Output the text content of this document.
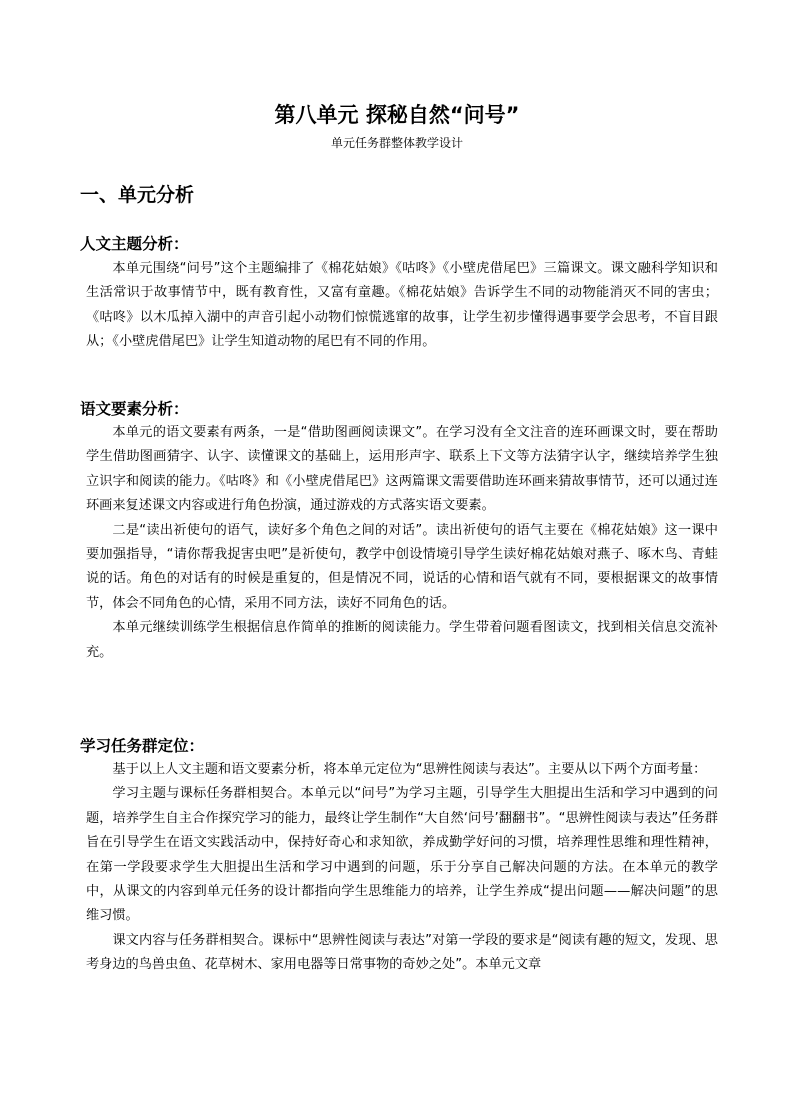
第八单元 探秘自然“问号”
单元任务群整体教学设计
一、单元分析
人文主题分析：

本单元围绕“问号”这个主题编排了《棉花姑娘》《咕咚》《小壁虎借尾巴》三篇课文。课文融科学知识和生活常识于故事情节中，既有教育性，又富有童趣。《棉花姑娘》告诉学生不同的动物能消灭不同的害虫；《咕咚》以木瓜掉入湖中的声音引起小动物们惊慌逃窜的故事，让学生初步懂得遇事要学会思考，不盲目跟从；《小壁虎借尾巴》让学生知道动物的尾巴有不同的作用。

语文要素分析：

本单元的语文要素有两条，一是“借助图画阅读课文”。在学习没有全文注音的连环画课文时，要在帮助学生借助图画猜字、认字、读懂课文的基础上，运用形声字、联系上下文等方法猜字认字，继续培养学生独立识字和阅读的能力。《咕咚》和《小壁虎借尾巴》这两篇课文需要借助连环画来猜故事情节，还可以通过连环画来复述课文内容或进行角色扮演，通过游戏的方式落实语文要素。

二是“读出祈使句的语气，读好多个角色之间的对话”。读出祈使句的语气主要在《棉花姑娘》这一课中要加强指导，“请你帮我捉害虫吧”是祈使句，教学中创设情境引导学生读好棉花姑娘对燕子、啄木鸟、青蛙说的话。角色的对话有的时候是重复的，但是情况不同，说话的心情和语气就有不同，要根据课文的故事情节，体会不同角色的心情，采用不同方法，读好不同角色的话。

本单元继续训练学生根据信息作简单的推断的阅读能力。学生带着问题看图读文，找到相关信息交流补充。

学习任务群定位：

基于以上人文主题和语文要素分析，将本单元定位为“思辨性阅读与表达”。主要从以下两个方面考量：

学习主题与课标任务群相契合。本单元以“问号”为学习主题，引导学生大胆提出生活和学习中遇到的问题，培养学生自主合作探究学习的能力，最终让学生制作“大自然‘问号’翻翻书”。“思辨性阅读与表达”任务群旨在引导学生在语文实践活动中，保持好奇心和求知欲，养成勤学好问的习惯，培养理性思维和理性精神，在第一学段要求学生大胆提出生活和学习中遇到的问题，乐于分享自己解决问题的方法。在本单元的教学中，从课文的内容到单元任务的设计都指向学生思维能力的培养，让学生养成“提出问题——解决问题”的思维习惯。

课文内容与任务群相契合。课标中“思辨性阅读与表达”对第一学段的要求是“阅读有趣的短文，发现、思考身边的鸟兽虫鱼、花草树木、家用电器等日常事物的奇妙之处”。本单元文章
